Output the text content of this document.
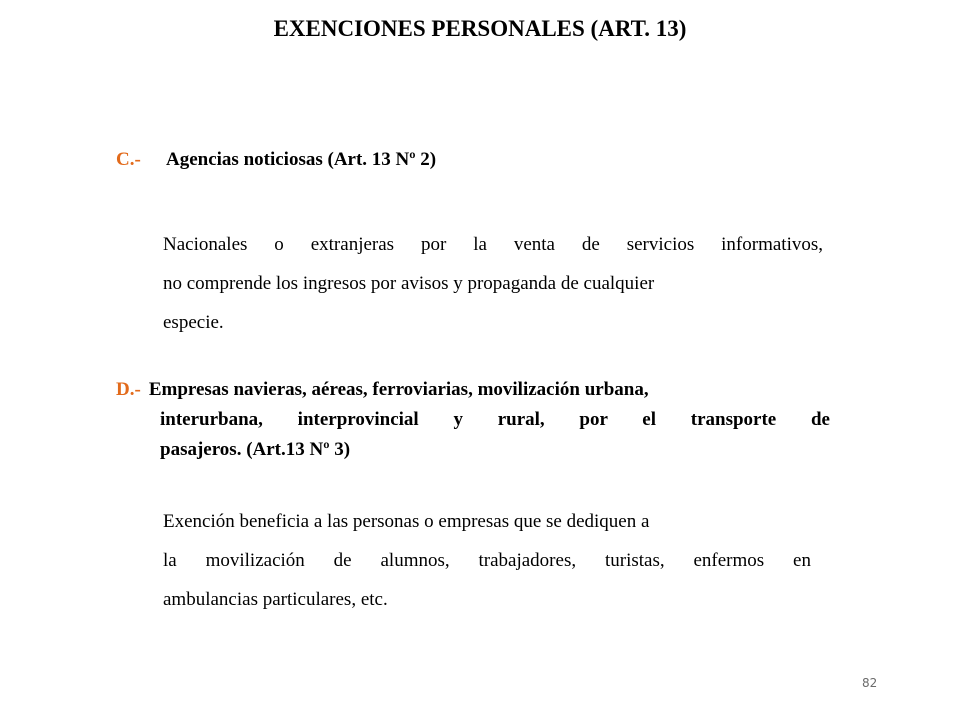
EXENCIONES PERSONALES (ART. 13)
C.- Agencias noticiosas (Art. 13 Nº 2)
Nacionales o extranjeras por la venta de servicios informativos,
no comprende los ingresos por avisos y propaganda de cualquier
especie.
D.- Empresas navieras, aéreas, ferroviarias, movilización urbana,
interurbana, interprovincial y rural, por el transporte de
pasajeros. (Art.13 Nº 3)
Exención beneficia a las personas o empresas que se dediquen a
la movilización de alumnos, trabajadores, turistas, enfermos en
ambulancias particulares, etc.
82
